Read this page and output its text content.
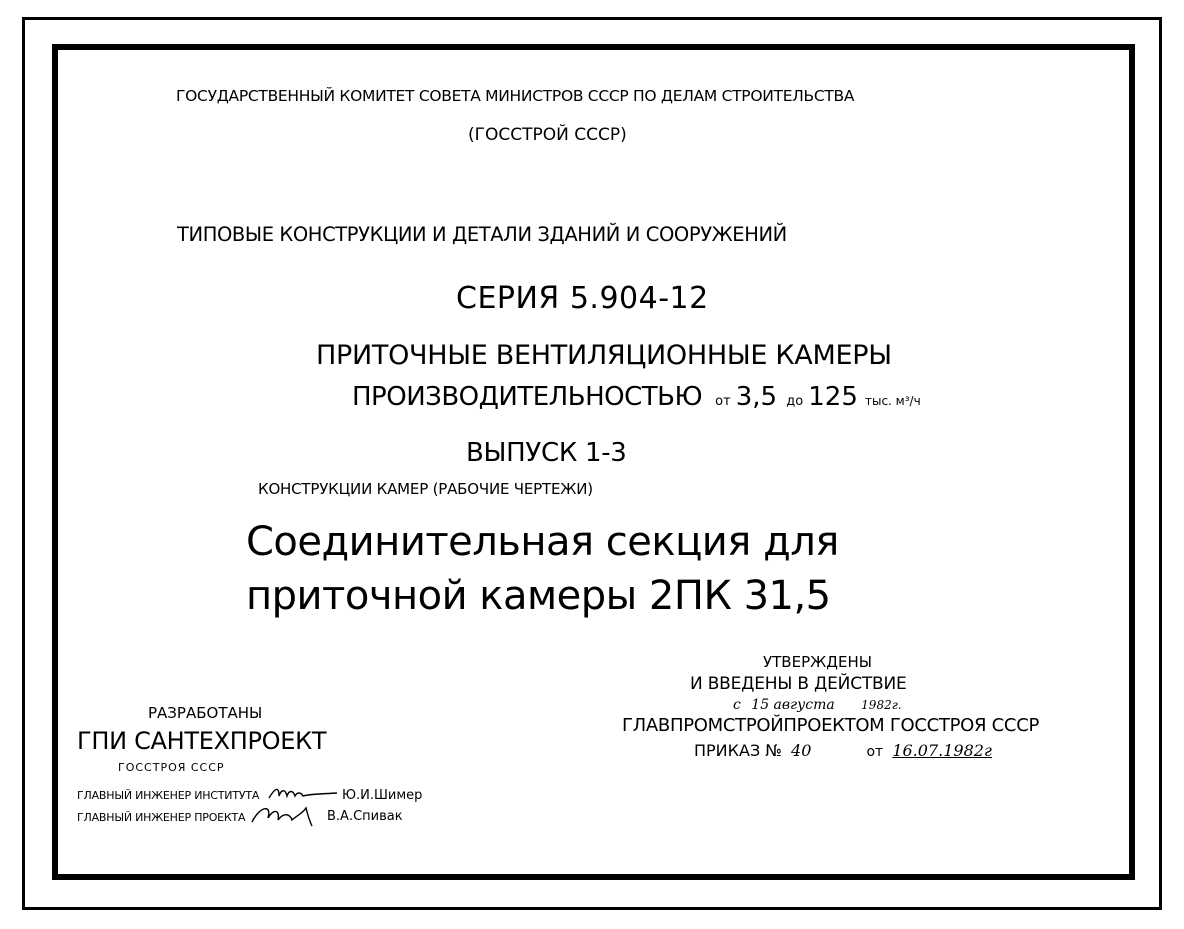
ГОСУДАРСТВЕННЫЙ КОМИТЕТ СОВЕТА МИНИСТРОВ СССР ПО ДЕЛАМ СТРОИТЕЛЬСТВА
(ГОССТРОЙ СССР)
ТИПОВЫЕ КОНСТРУКЦИИ И ДЕТАЛИ ЗДАНИЙ И СООРУЖЕНИЙ
СЕРИЯ 5.904-12
ПРИТОЧНЫЕ ВЕНТИЛЯЦИОННЫЕ КАМЕРЫ
ПРОИЗВОДИТЕЛЬНОСТЬЮ от 3,5 до 125 тыс. м³/ч
ВЫПУСК 1-3
КОНСТРУКЦИИ КАМЕР (РАБОЧИЕ ЧЕРТЕЖИ)
Соединительная секция для
приточной камеры 2ПК 31,5
УТВЕРЖДЕНЫ
И ВВЕДЕНЫ В ДЕЙСТВИЕ
с 15 августа 1982г.
ГЛАВПРОМСТРОЙПРОЕКТОМ ГОССТРОЯ СССР
ПРИКАЗ № 40	от 16.07.1982г
РАЗРАБОТАНЫ
ГПИ САНТЕХПРОЕКТ
ГОССТРОЯ СССР
ГЛАВНЫЙ ИНЖЕНЕР ИНСТИТУТА	Ю.И.Шимер
ГЛАВНЫЙ ИНЖЕНЕР ПРОЕКТА	В.А.Спивак
